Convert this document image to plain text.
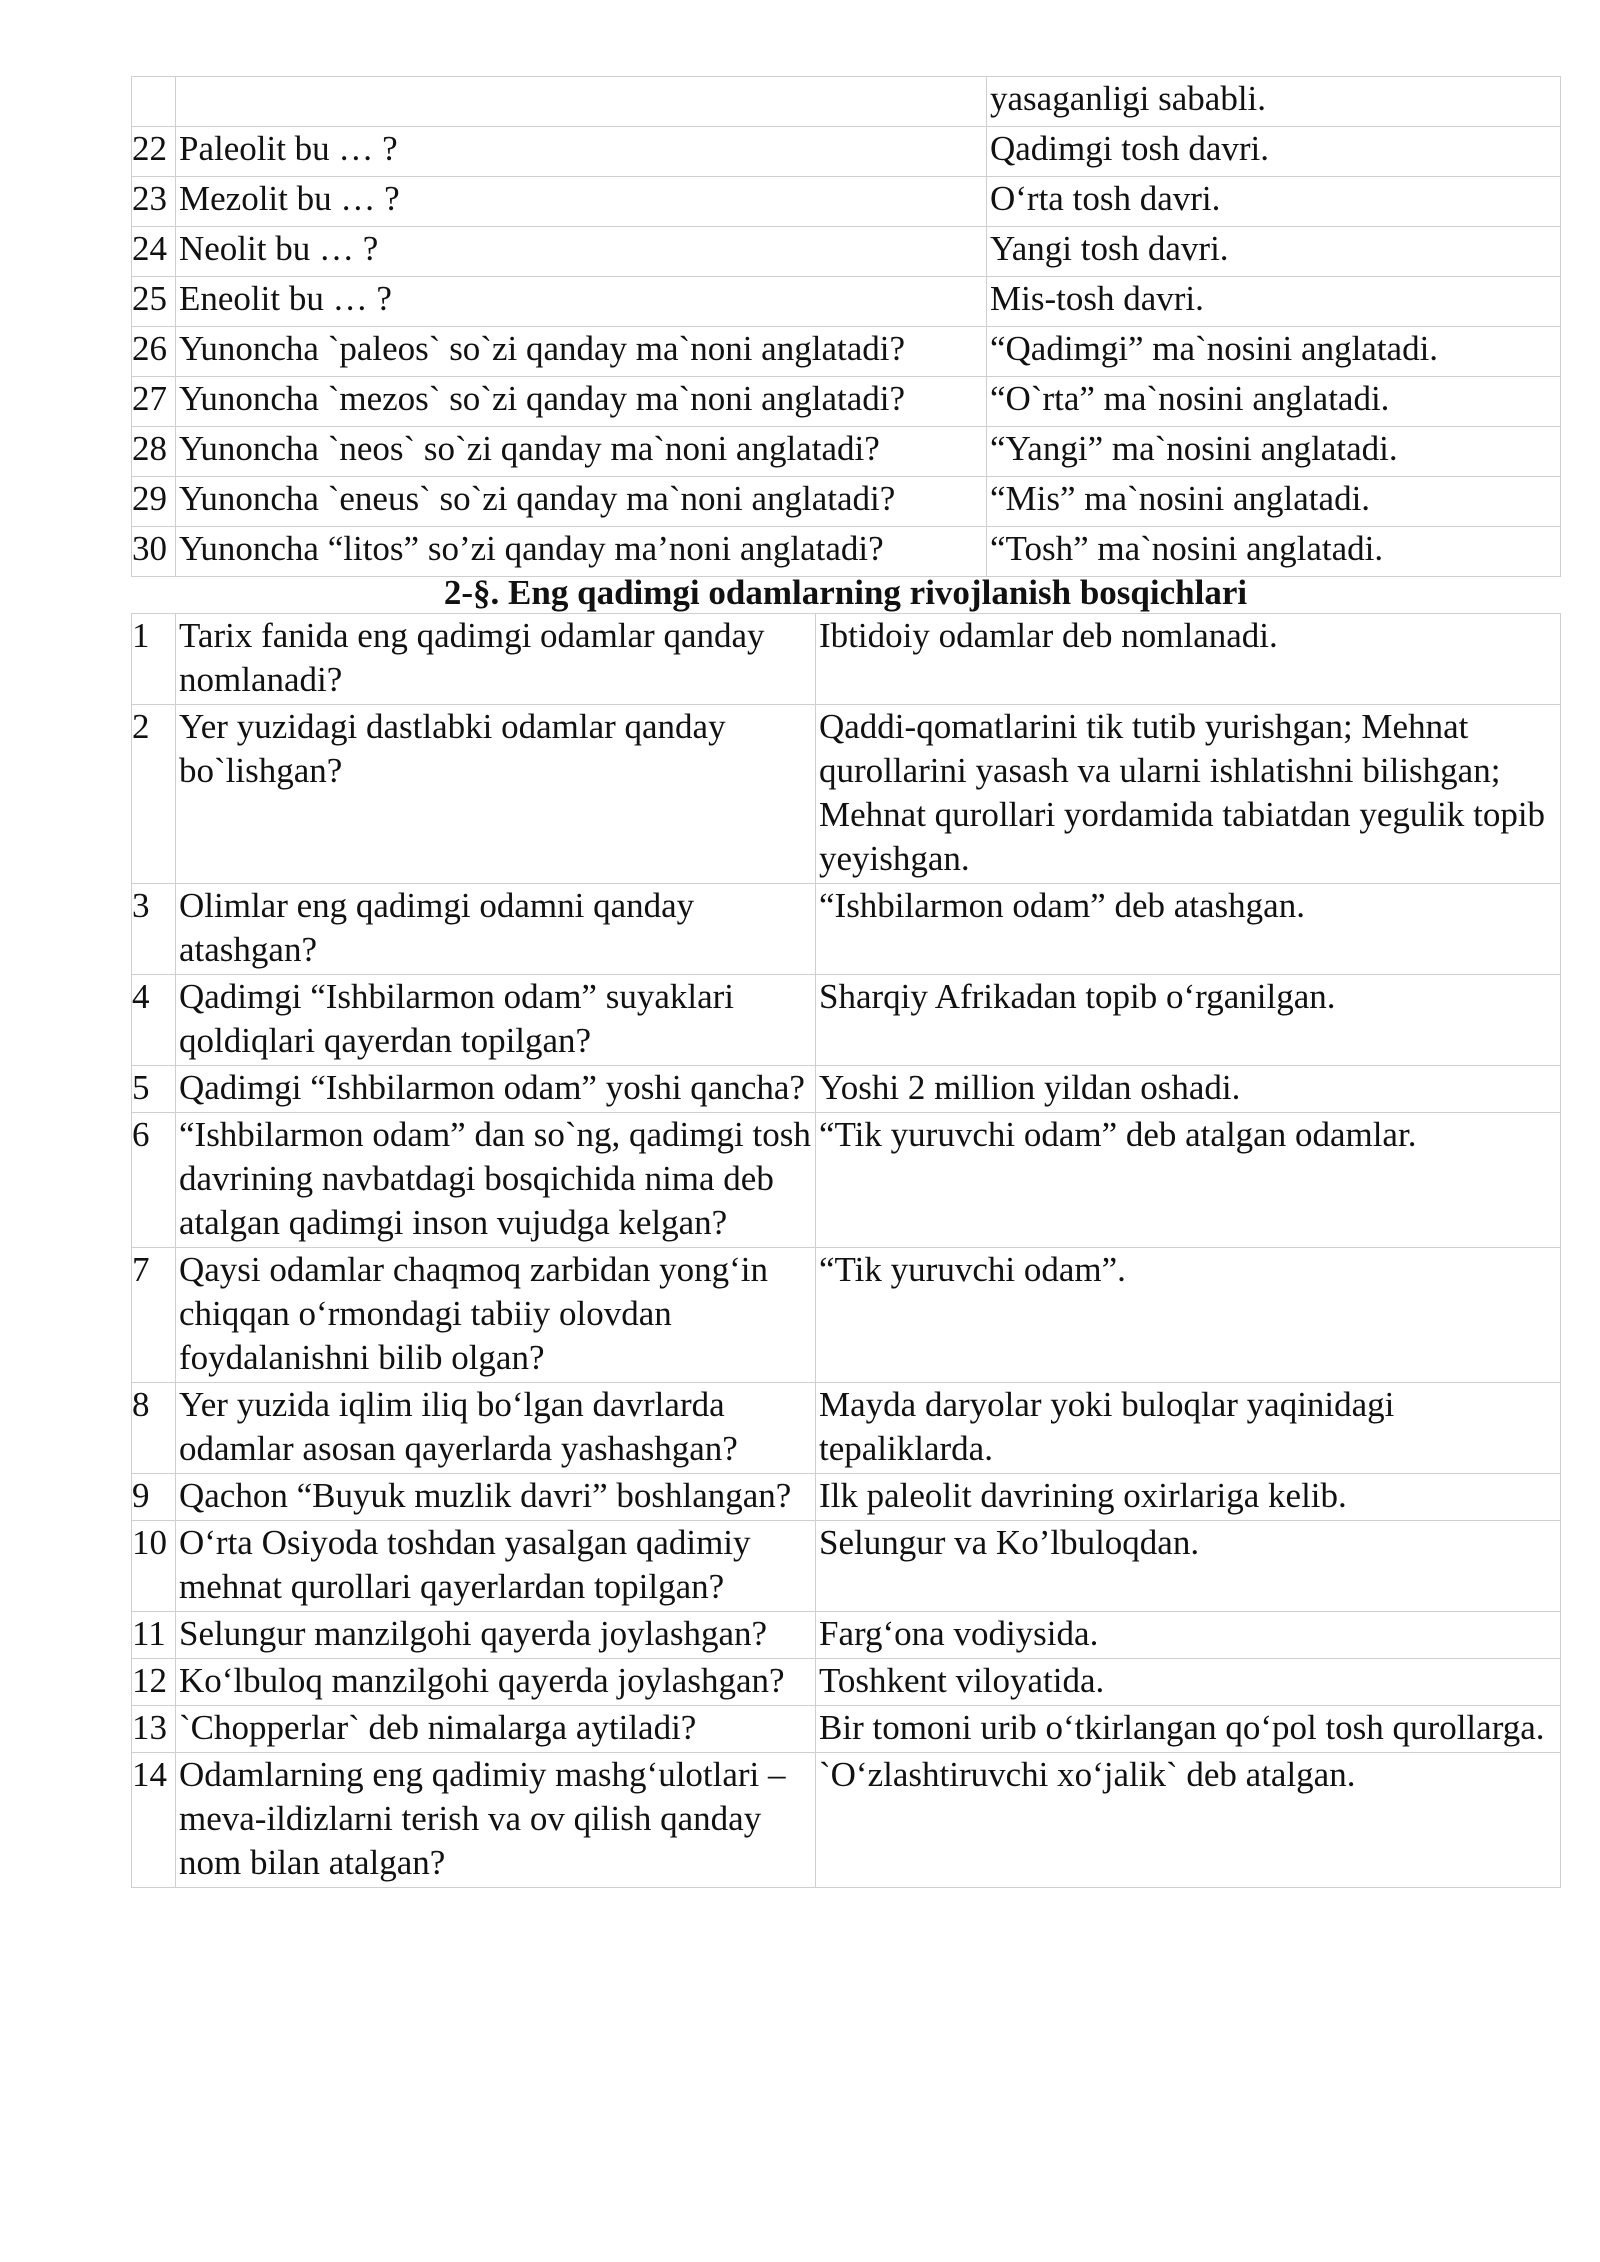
		yasaganligi sababli.
22	Paleolit bu … ?	Qadimgi tosh davri.
23	Mezolit bu … ?	O‘rta tosh davri.
24	Neolit bu … ?	Yangi tosh davri.
25	Eneolit bu … ?	Mis-tosh davri.
26	Yunoncha `paleos` so`zi qanday ma`noni anglatadi?	“Qadimgi” ma`nosini anglatadi.
27	Yunoncha `mezos` so`zi qanday ma`noni anglatadi?	“O`rta” ma`nosini anglatadi.
28	Yunoncha `neos` so`zi qanday ma`noni anglatadi?	“Yangi” ma`nosini anglatadi.
29	Yunoncha `eneus` so`zi qanday ma`noni anglatadi?	“Mis” ma`nosini anglatadi.
30	Yunoncha “litos” so’zi qanday ma’noni anglatadi?	“Tosh” ma`nosini anglatadi.
2-§. Eng qadimgi odamlarning rivojlanish bosqichlari
1	Tarix fanida eng qadimgi odamlar qanday nomlanadi?	Ibtidoiy odamlar deb nomlanadi.
2	Yer yuzidagi dastlabki odamlar qanday bo`lishgan?	Qaddi-qomatlarini tik tutib yurishgan; Mehnat qurollarini yasash va ularni ishlatishni bilishgan; Mehnat qurollari yordamida tabiatdan yegulik topib yeyishgan.
3	Olimlar eng qadimgi odamni qanday atashgan?	“Ishbilarmon odam” deb atashgan.
4	Qadimgi “Ishbilarmon odam” suyaklari qoldiqlari qayerdan topilgan?	Sharqiy Afrikadan topib o‘rganilgan.
5	Qadimgi “Ishbilarmon odam” yoshi qancha?	Yoshi 2 million yildan oshadi.
6	“Ishbilarmon odam” dan so`ng, qadimgi tosh davrining navbatdagi bosqichida nima deb atalgan qadimgi inson vujudga kelgan?	“Tik yuruvchi odam” deb atalgan odamlar.
7	Qaysi odamlar chaqmoq zarbidan yong‘in chiqqan o‘rmondagi tabiiy olovdan foydalanishni bilib olgan?	“Tik yuruvchi odam”.
8	Yer yuzida iqlim iliq bo‘lgan davrlarda odamlar asosan qayerlarda yashashgan?	Mayda daryolar yoki buloqlar yaqinidagi tepaliklarda.
9	Qachon “Buyuk muzlik davri” boshlangan?	Ilk paleolit davrining oxirlariga kelib.
10	O‘rta Osiyoda toshdan yasalgan qadimiy mehnat qurollari qayerlardan topilgan?	Selungur va Ko’lbuloqdan.
11	Selungur manzilgohi qayerda joylashgan?	Farg‘ona vodiysida.
12	Ko‘lbuloq manzilgohi qayerda joylashgan?	Toshkent viloyatida.
13	`Chopperlar` deb nimalarga aytiladi?	Bir tomoni urib o‘tkirlangan qo‘pol tosh qurollarga.
14	Odamlarning eng qadimiy mashg‘ulotlari – meva-ildizlarni terish va ov qilish qanday nom bilan atalgan?	`O‘zlashtiruvchi xo‘jalik` deb atalgan.
